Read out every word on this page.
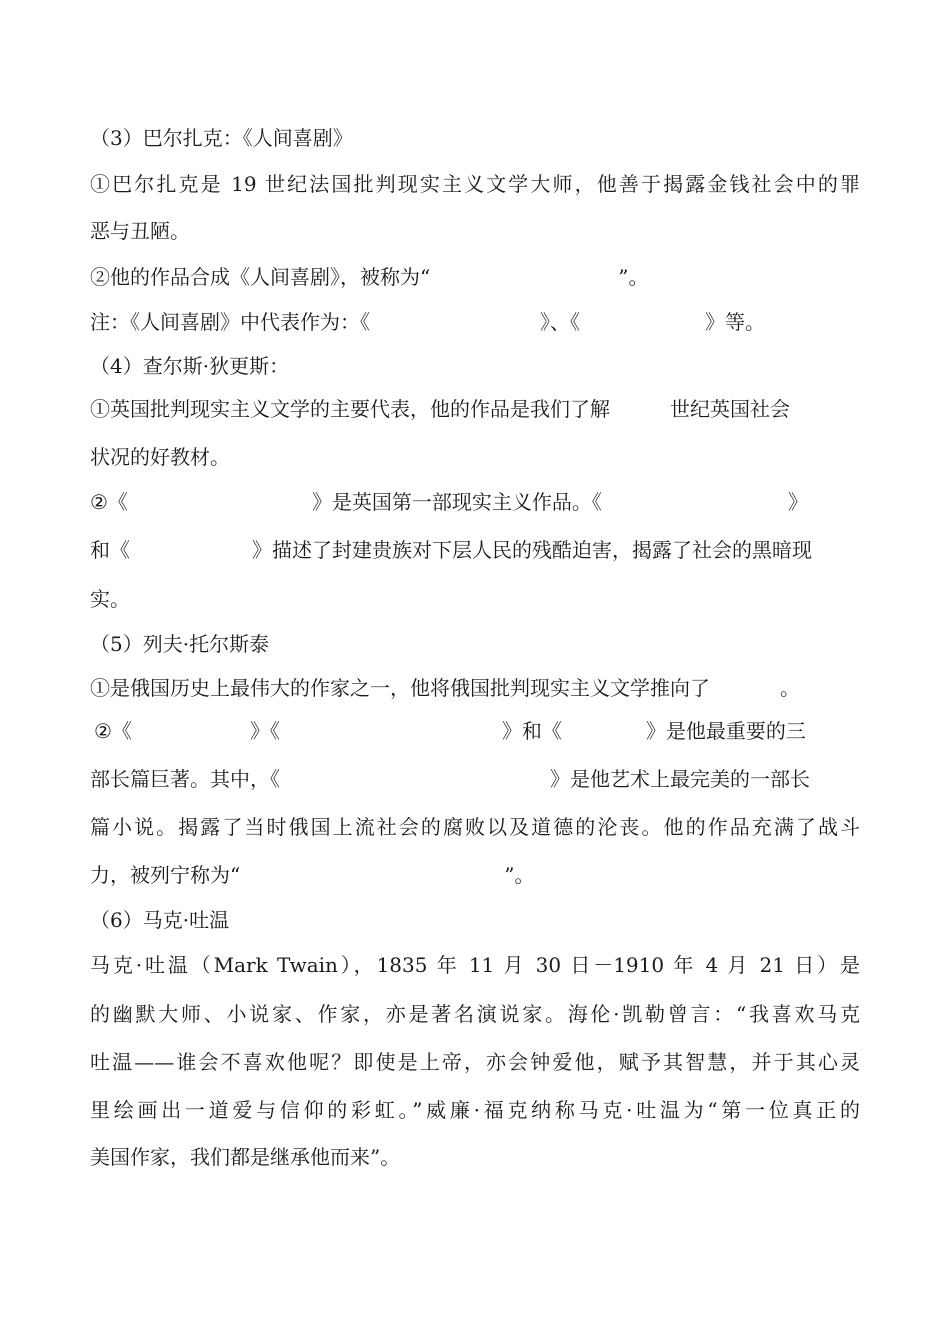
（3）巴尔扎克：《人间喜剧》
①巴尔扎克是 19 世纪法国批判现实主义文学大师，他善于揭露金钱社会中的罪
恶与丑陋。
②他的作品合成《人间喜剧》，被称为“	”。
注：《人间喜剧》中代表作为：《	》、《	》等。
（4）查尔斯·狄更斯：
①英国批判现实主义文学的主要代表，他的作品是我们了解	世纪英国社会
状况的好教材。
②《	》是英国第一部现实主义作品。《	》
和《	》描述了封建贵族对下层人民的残酷迫害，揭露了社会的黑暗现
实。
（5）列夫·托尔斯泰
①是俄国历史上最伟大的作家之一，他将俄国批判现实主义文学推向了	。
②《	》《	》和《	》是他最重要的三
部长篇巨著。其中，《	》是他艺术上最完美的一部长
篇小说。揭露了当时俄国上流社会的腐败以及道德的沦丧。他的作品充满了战斗
力，被列宁称为“	”。
（6）马克·吐温
马克·吐温（Mark Twain），1835 年 11 月 30 日－1910 年 4 月 21 日）是
的幽默大师、小说家、作家，亦是著名演说家。海伦·凯勒曾言：“我喜欢马克
吐温——谁会不喜欢他呢？即使是上帝，亦会钟爱他，赋予其智慧，并于其心灵
里绘画出一道爱与信仰的彩虹。”威廉·福克纳称马克·吐温为“第一位真正的
美国作家，我们都是继承他而来”。
